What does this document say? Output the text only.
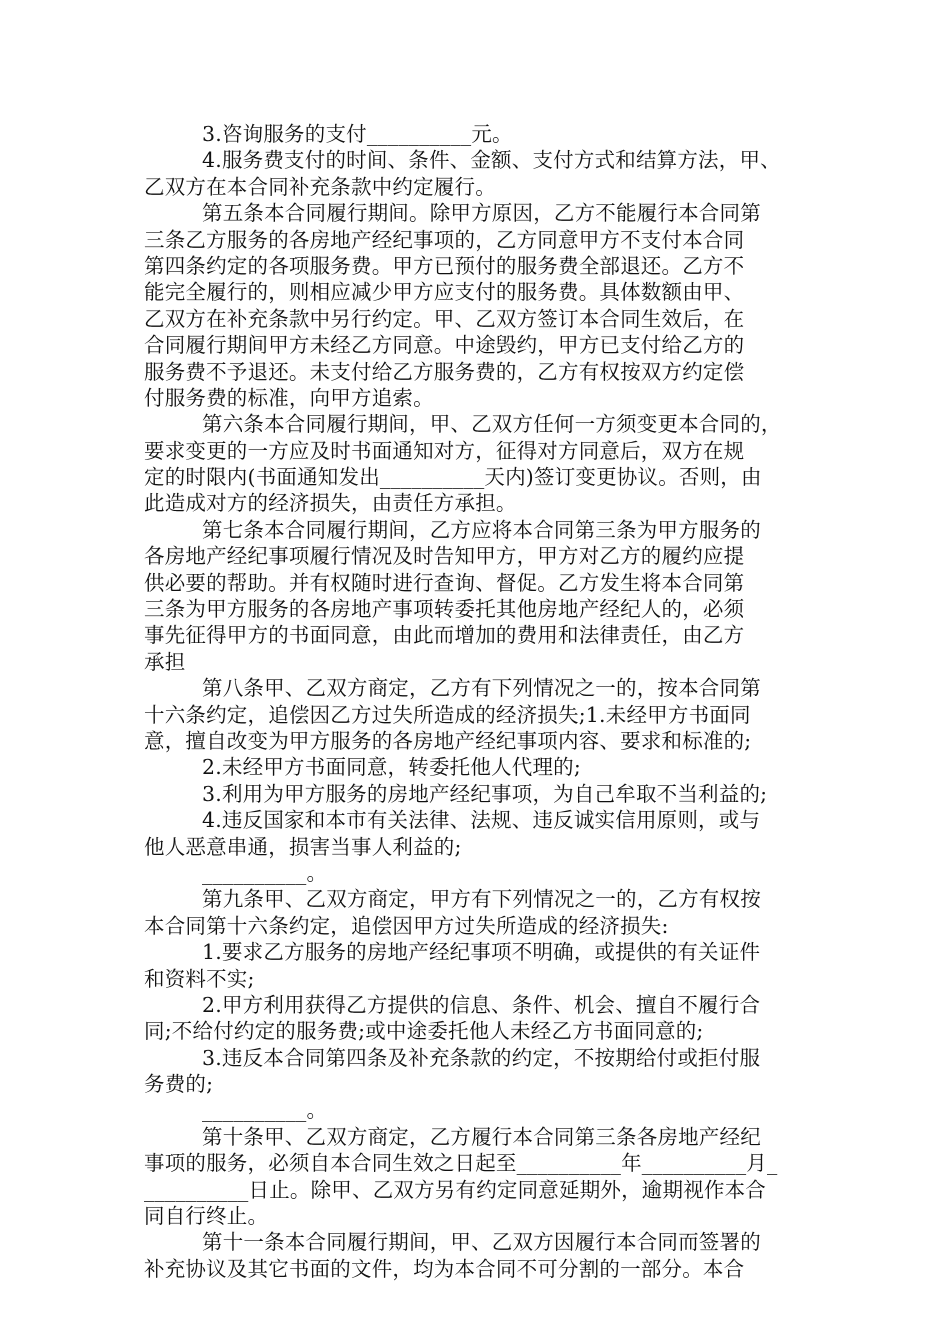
3.咨询服务的支付__________元。
4.服务费支付的时间、条件、金额、支付方式和结算方法，甲、
乙双方在本合同补充条款中约定履行。
第五条本合同履行期间。除甲方原因，乙方不能履行本合同第
三条乙方服务的各房地产经纪事项的，乙方同意甲方不支付本合同
第四条约定的各项服务费。甲方已预付的服务费全部退还。乙方不
能完全履行的，则相应减少甲方应支付的服务费。具体数额由甲、
乙双方在补充条款中另行约定。甲、乙双方签订本合同生效后，在
合同履行期间甲方未经乙方同意。中途毁约，甲方已支付给乙方的
服务费不予退还。未支付给乙方服务费的，乙方有权按双方约定偿
付服务费的标准，向甲方追索。
第六条本合同履行期间，甲、乙双方任何一方须变更本合同的，
要求变更的一方应及时书面通知对方，征得对方同意后，双方在规
定的时限内(书面通知发出__________天内)签订变更协议。否则，由
此造成对方的经济损失，由责任方承担。
第七条本合同履行期间，乙方应将本合同第三条为甲方服务的
各房地产经纪事项履行情况及时告知甲方，甲方对乙方的履约应提
供必要的帮助。并有权随时进行查询、督促。乙方发生将本合同第
三条为甲方服务的各房地产事项转委托其他房地产经纪人的，必须
事先征得甲方的书面同意，由此而增加的费用和法律责任，由乙方
承担
第八条甲、乙双方商定，乙方有下列情况之一的，按本合同第
十六条约定，追偿因乙方过失所造成的经济损失;1.未经甲方书面同
意，擅自改变为甲方服务的各房地产经纪事项内容、要求和标准的;
2.未经甲方书面同意，转委托他人代理的;
3.利用为甲方服务的房地产经纪事项，为自己牟取不当利益的;
4.违反国家和本市有关法律、法规、违反诚实信用原则，或与
他人恶意串通，损害当事人利益的;
__________。
第九条甲、乙双方商定，甲方有下列情况之一的，乙方有权按
本合同第十六条约定，追偿因甲方过失所造成的经济损失:
1.要求乙方服务的房地产经纪事项不明确，或提供的有关证件
和资料不实;
2.甲方利用获得乙方提供的信息、条件、机会、擅自不履行合
同;不给付约定的服务费;或中途委托他人未经乙方书面同意的;
3.违反本合同第四条及补充条款的约定，不按期给付或拒付服
务费的;
__________。
第十条甲、乙双方商定，乙方履行本合同第三条各房地产经纪
事项的服务，必须自本合同生效之日起至__________年__________月_
__________日止。除甲、乙双方另有约定同意延期外，逾期视作本合
同自行终止。
第十一条本合同履行期间，甲、乙双方因履行本合同而签署的
补充协议及其它书面的文件，均为本合同不可分割的一部分。本合
